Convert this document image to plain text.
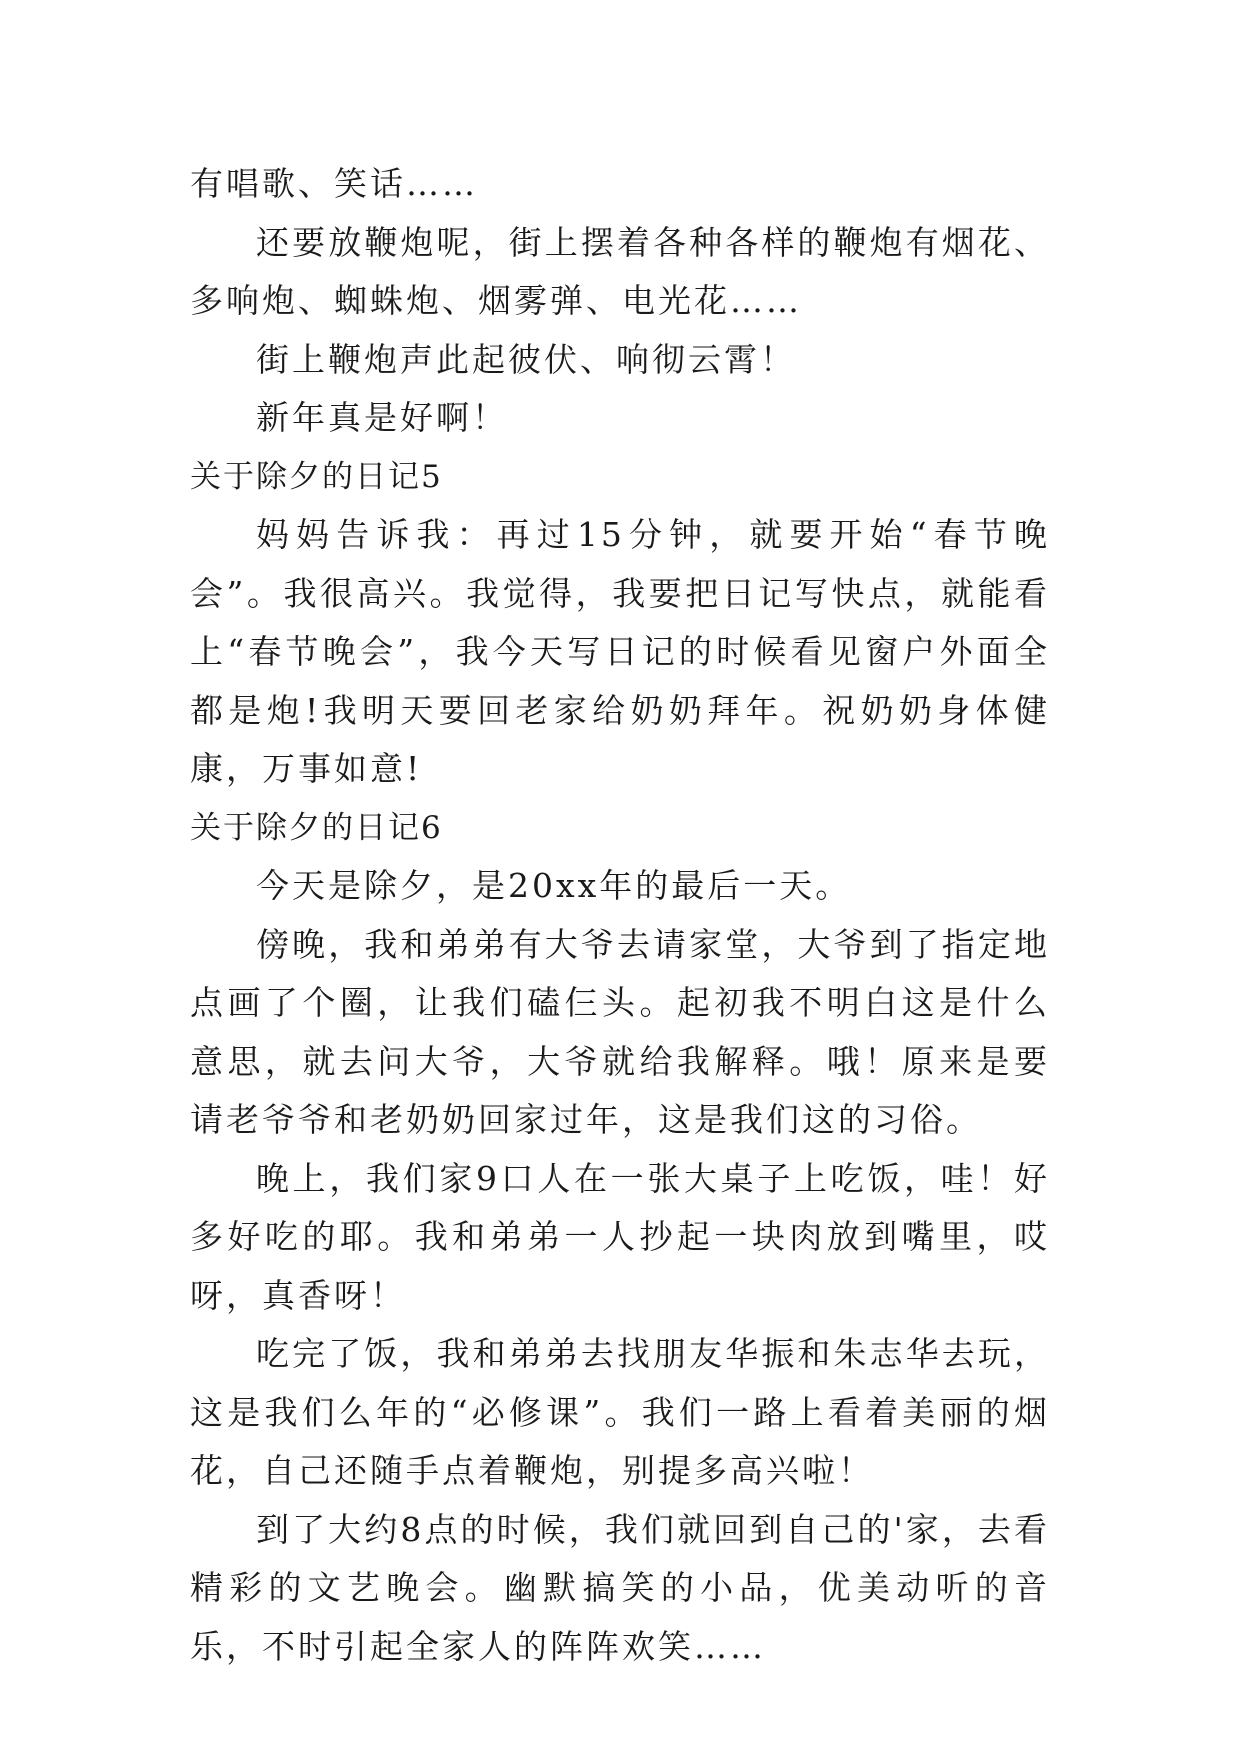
有唱歌、笑话……

还要放鞭炮呢，街上摆着各种各样的鞭炮有烟花、多响炮、蜘蛛炮、烟雾弹、电光花……

街上鞭炮声此起彼伏、响彻云霄！

新年真是好啊！

关于除夕的日记5

妈妈告诉我：再过15分钟，就要开始“春节晚会”。我很高兴。我觉得，我要把日记写快点，就能看上“春节晚会”，我今天写日记的时候看见窗户外面全都是炮!我明天要回老家给奶奶拜年。祝奶奶身体健康，万事如意!

关于除夕的日记6

今天是除夕，是20xx年的最后一天。

傍晚，我和弟弟有大爷去请家堂，大爷到了指定地点画了个圈，让我们磕仨头。起初我不明白这是什么意思，就去问大爷，大爷就给我解释。哦！原来是要请老爷爷和老奶奶回家过年，这是我们这的习俗。

晚上，我们家9口人在一张大桌子上吃饭，哇！好多好吃的耶。我和弟弟一人抄起一块肉放到嘴里，哎呀，真香呀！

吃完了饭，我和弟弟去找朋友华振和朱志华去玩，这是我们么年的“必修课”。我们一路上看着美丽的烟花，自己还随手点着鞭炮，别提多高兴啦！

到了大约8点的时候，我们就回到自己的'家，去看精彩的文艺晚会。幽默搞笑的小品，优美动听的音乐，不时引起全家人的阵阵欢笑……
